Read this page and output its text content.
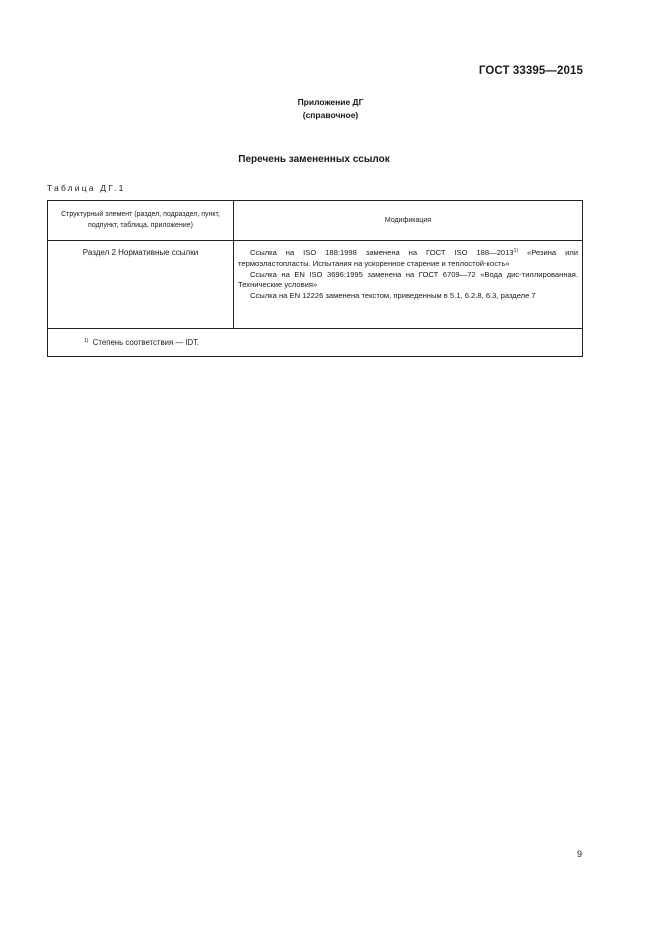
ГОСТ 33395—2015
Приложение ДГ
(справочное)
Перечень замененных ссылок
Таблица ДГ.1
Структурный элемент (раздел, подраздел, пункт, подпункт, таблица, приложение)
Модификация
Раздел 2 Нормативные ссылки	Ссылка на ISO 188:1998 заменена на ГОСТ ISO 188—2013$^{1)}$ «Резина или термоэластопласты. Испытания на ускоренное старение и теплостой-кость»

Ссылка на EN ISO 3696:1995 заменена на ГОСТ 6709—72 «Вода дис-тиллированная. Технические условия»

Ссылка на EN 12226 заменена текстом, приведенным в 5.1, 6.2.8, 6.3, разделе 7

$^{1)}$ Степень соответствия — IDT.
9
